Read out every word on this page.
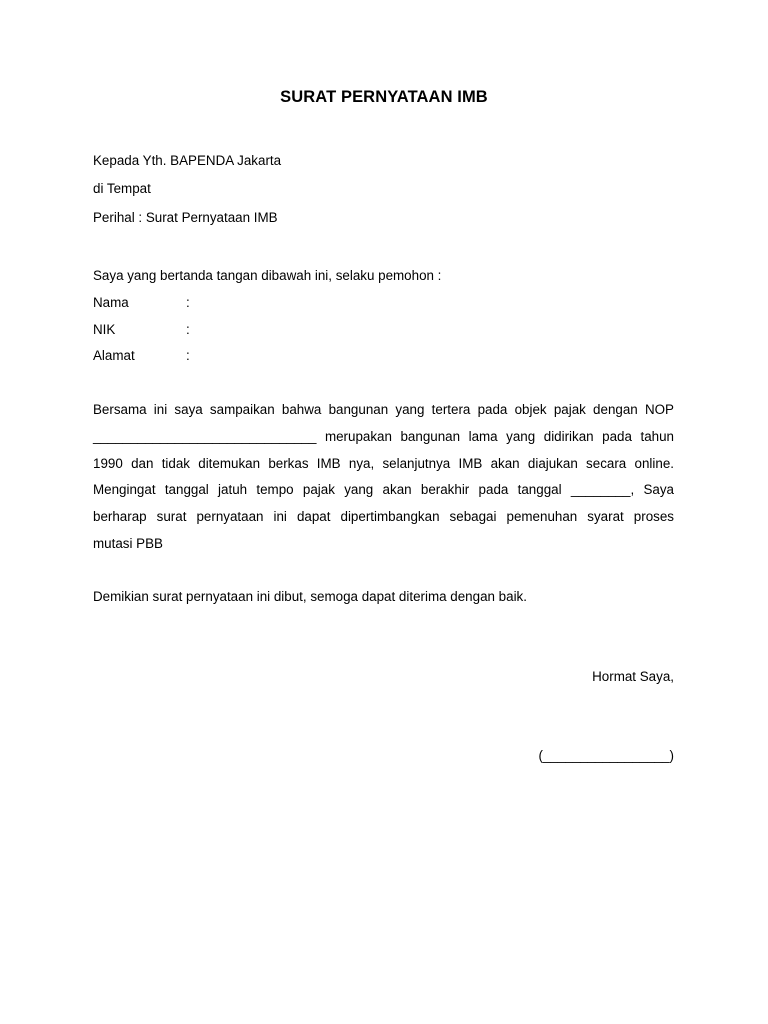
SURAT PERNYATAAN IMB
Kepada Yth. BAPENDA Jakarta
di Tempat
Perihal : Surat Pernyataan IMB
Saya yang bertanda tangan dibawah ini, selaku pemohon :
Nama	:
NIK	:
Alamat	:
Bersama ini saya sampaikan bahwa bangunan yang tertera pada objek pajak dengan NOP
______________________________ merupakan bangunan lama yang didirikan pada tahun
1990 dan tidak ditemukan berkas IMB nya, selanjutnya IMB akan diajukan secara online.
Mengingat tanggal jatuh tempo pajak yang akan berakhir pada tanggal ________, Saya
berharap surat pernyataan ini dapat dipertimbangkan sebagai pemenuhan syarat proses
mutasi PBB
Demikian surat pernyataan ini dibut, semoga dapat diterima dengan baik.
Hormat Saya,
(_________________)
